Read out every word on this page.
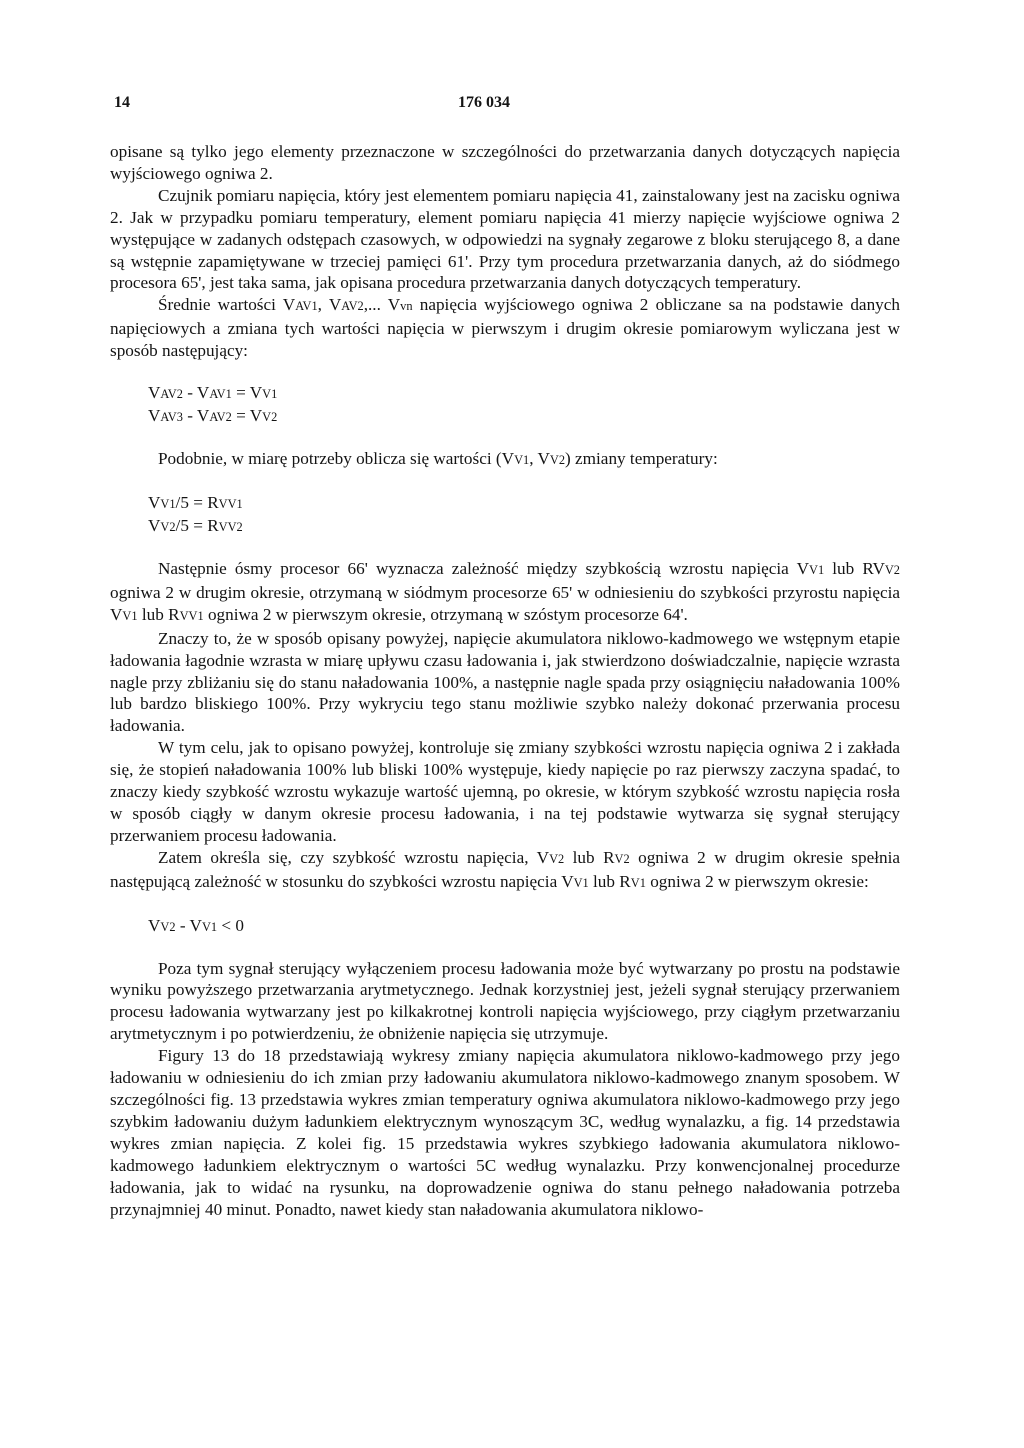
14	176 034

opisane są tylko jego elementy przeznaczone w szczególności do przetwarzania danych dotyczących napięcia wyjściowego ogniwa 2.

Czujnik pomiaru napięcia, który jest elementem pomiaru napięcia 41, zainstalowany jest na zacisku ogniwa 2. Jak w przypadku pomiaru temperatury, element pomiaru napięcia 41 mierzy napięcie wyjściowe ogniwa 2 występujące w zadanych odstępach czasowych, w odpowiedzi na sygnały zegarowe z bloku sterującego 8, a dane są wstępnie zapamiętywane w trzeciej pamięci 61'. Przy tym procedura przetwarzania danych, aż do siódmego procesora 65', jest taka sama, jak opisana procedura przetwarzania danych dotyczących temperatury.

Średnie wartości VAV1, VAV2,... Vvn napięcia wyjściowego ogniwa 2 obliczane sa na podstawie danych napięciowych a zmiana tych wartości napięcia w pierwszym i drugim okresie pomiarowym wyliczana jest w sposób następujący:

VAV2 - VAV1 = VV1
VAV3 - VAV2 = VV2

Podobnie, w miarę potrzeby oblicza się wartości (VV1, VV2) zmiany temperatury:

VV1/5 = RVV1
VV2/5 = RVV2

Następnie ósmy procesor 66' wyznacza zależność między szybkością wzrostu napięcia VV1 lub RVV2 ogniwa 2 w drugim okresie, otrzymaną w siódmym procesorze 65' w odniesieniu do szybkości przyrostu napięcia VV1 lub RVV1 ogniwa 2 w pierwszym okresie, otrzymaną w szóstym procesorze 64'.

Znaczy to, że w sposób opisany powyżej, napięcie akumulatora niklowo-kadmowego we wstępnym etapie ładowania łagodnie wzrasta w miarę upływu czasu ładowania i, jak stwierdzono doświadczalnie, napięcie wzrasta nagle przy zbliżaniu się do stanu naładowania 100%, a następnie nagle spada przy osiągnięciu naładowania 100% lub bardzo bliskiego 100%. Przy wykryciu tego stanu możliwie szybko należy dokonać przerwania procesu ładowania.

W tym celu, jak to opisano powyżej, kontroluje się zmiany szybkości wzrostu napięcia ogniwa 2 i zakłada się, że stopień naładowania 100% lub bliski 100% występuje, kiedy napięcie po raz pierwszy zaczyna spadać, to znaczy kiedy szybkość wzrostu wykazuje wartość ujemną, po okresie, w którym szybkość wzrostu napięcia rosła w sposób ciągły w danym okresie procesu ładowania, i na tej podstawie wytwarza się sygnał sterujący przerwaniem procesu ładowania.

Zatem określa się, czy szybkość wzrostu napięcia, VV2 lub RV2 ogniwa 2 w drugim okresie spełnia następującą zależność w stosunku do szybkości wzrostu napięcia VV1 lub RV1 ogniwa 2 w pierwszym okresie:

VV2 - VV1 < 0

Poza tym sygnał sterujący wyłączeniem procesu ładowania może być wytwarzany po prostu na podstawie wyniku powyższego przetwarzania arytmetycznego. Jednak korzystniej jest, jeżeli sygnał sterujący przerwaniem procesu ładowania wytwarzany jest po kilkakrotnej kontroli napięcia wyjściowego, przy ciągłym przetwarzaniu arytmetycznym i po potwierdzeniu, że obniżenie napięcia się utrzymuje.

Figury 13 do 18 przedstawiają wykresy zmiany napięcia akumulatora niklowo-kadmowego przy jego ładowaniu w odniesieniu do ich zmian przy ładowaniu akumulatora niklowo-kadmowego znanym sposobem. W szczególności fig. 13 przedstawia wykres zmian temperatury ogniwa akumulatora niklowo-kadmowego przy jego szybkim ładowaniu dużym ładunkiem elektrycznym wynoszącym 3C, według wynalazku, a fig. 14 przedstawia wykres zmian napięcia. Z kolei fig. 15 przedstawia wykres szybkiego ładowania akumulatora niklowo-kadmowego ładunkiem elektrycznym o wartości 5C według wynalazku. Przy konwencjonalnej procedurze ładowania, jak to widać na rysunku, na doprowadzenie ogniwa do stanu pełnego naładowania potrzeba przynajmniej 40 minut. Ponadto, nawet kiedy stan naładowania akumulatora niklowo-
